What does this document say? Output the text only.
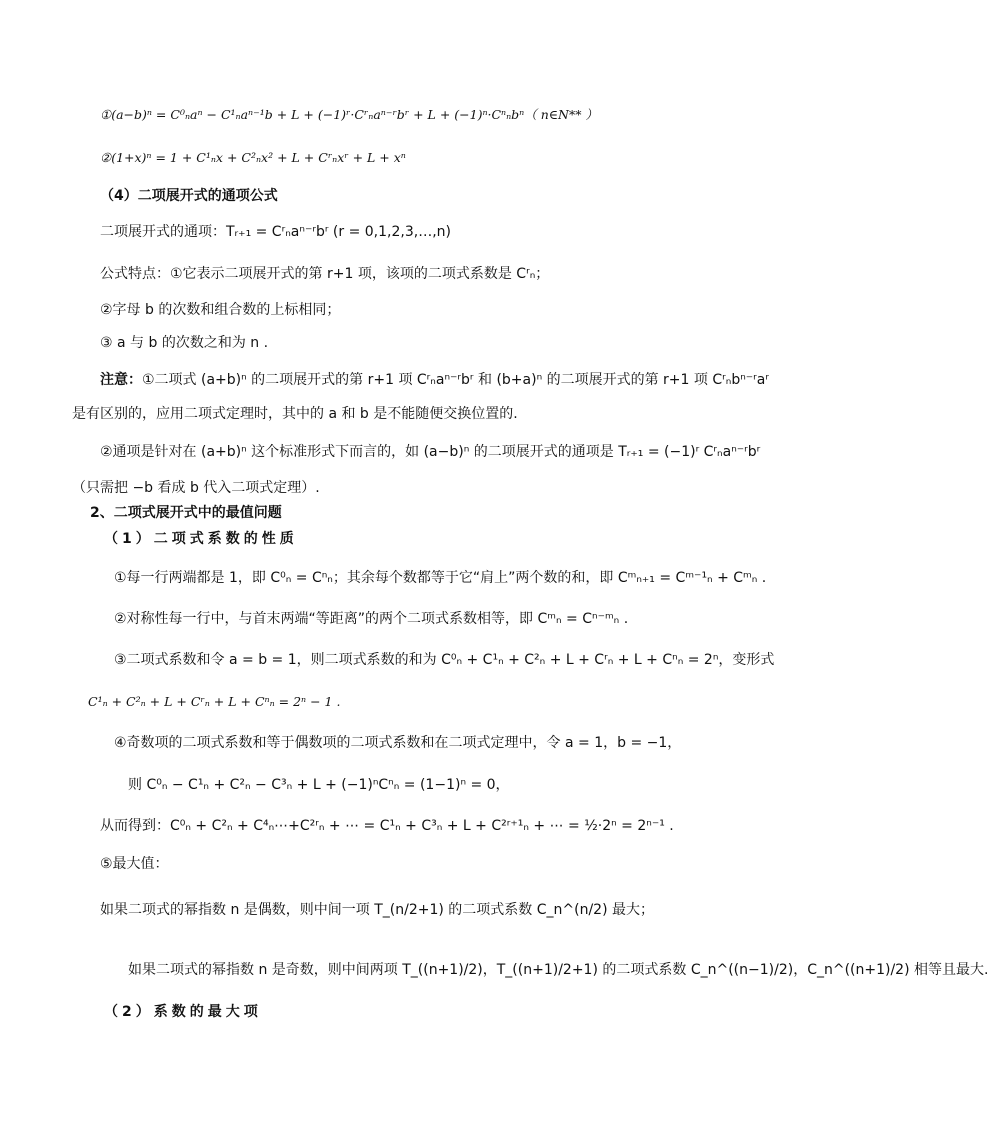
①(a−b)ⁿ = C⁰ₙaⁿ − C¹ₙaⁿ⁻¹b + L + (−1)ʳ·Cʳₙaⁿ⁻ʳbʳ + L + (−1)ⁿ·Cⁿₙbⁿ（ n∈N** ）
②(1+x)ⁿ = 1 + C¹ₙx + C²ₙx² + L + Cʳₙxʳ + L + xⁿ
（4）二项展开式的通项公式
二项展开式的通项：Tᵣ₊₁ = Cʳₙaⁿ⁻ʳbʳ (r = 0,1,2,3,…,n)
公式特点：①它表示二项展开式的第 r+1 项，该项的二项式系数是 Cʳₙ；
②字母 b 的次数和组合数的上标相同；
③ a 与 b 的次数之和为 n .
注意：①二项式 (a+b)ⁿ 的二项展开式的第 r+1 项 Cʳₙaⁿ⁻ʳbʳ 和 (b+a)ⁿ 的二项展开式的第 r+1 项 Cʳₙbⁿ⁻ʳaʳ
是有区别的，应用二项式定理时，其中的 a 和 b 是不能随便交换位置的.
②通项是针对在 (a+b)ⁿ 这个标准形式下而言的，如 (a−b)ⁿ 的二项展开式的通项是 Tᵣ₊₁ = (−1)ʳ Cʳₙaⁿ⁻ʳbʳ
（只需把 −b 看成 b 代入二项式定理）.
2、二项式展开式中的最值问题
（1）二项式系数的性质
①每一行两端都是 1，即 C⁰ₙ = Cⁿₙ；其余每个数都等于它“肩上”两个数的和，即 Cᵐₙ₊₁ = Cᵐ⁻¹ₙ + Cᵐₙ .
②对称性每一行中，与首末两端“等距离”的两个二项式系数相等，即 Cᵐₙ = Cⁿ⁻ᵐₙ .
③二项式系数和令 a = b = 1，则二项式系数的和为 C⁰ₙ + C¹ₙ + C²ₙ + L + Cʳₙ + L + Cⁿₙ = 2ⁿ，变形式
C¹ₙ + C²ₙ + L + Cʳₙ + L + Cⁿₙ = 2ⁿ − 1 .
④奇数项的二项式系数和等于偶数项的二项式系数和在二项式定理中，令 a = 1，b = −1，
则 C⁰ₙ − C¹ₙ + C²ₙ − C³ₙ + L + (−1)ⁿCⁿₙ = (1−1)ⁿ = 0，
从而得到：C⁰ₙ + C²ₙ + C⁴ₙ⋯+C²ʳₙ + ⋯ = C¹ₙ + C³ₙ + L + C²ʳ⁺¹ₙ + ⋯ = ½·2ⁿ = 2ⁿ⁻¹ .
⑤最大值：
如果二项式的幂指数 n 是偶数，则中间一项 T_(n/2+1) 的二项式系数 C_n^(n/2) 最大；
如果二项式的幂指数 n 是奇数，则中间两项 T_((n+1)/2)，T_((n+1)/2+1) 的二项式系数 C_n^((n−1)/2)，C_n^((n+1)/2) 相等且最大.
（2）系数的最大项
